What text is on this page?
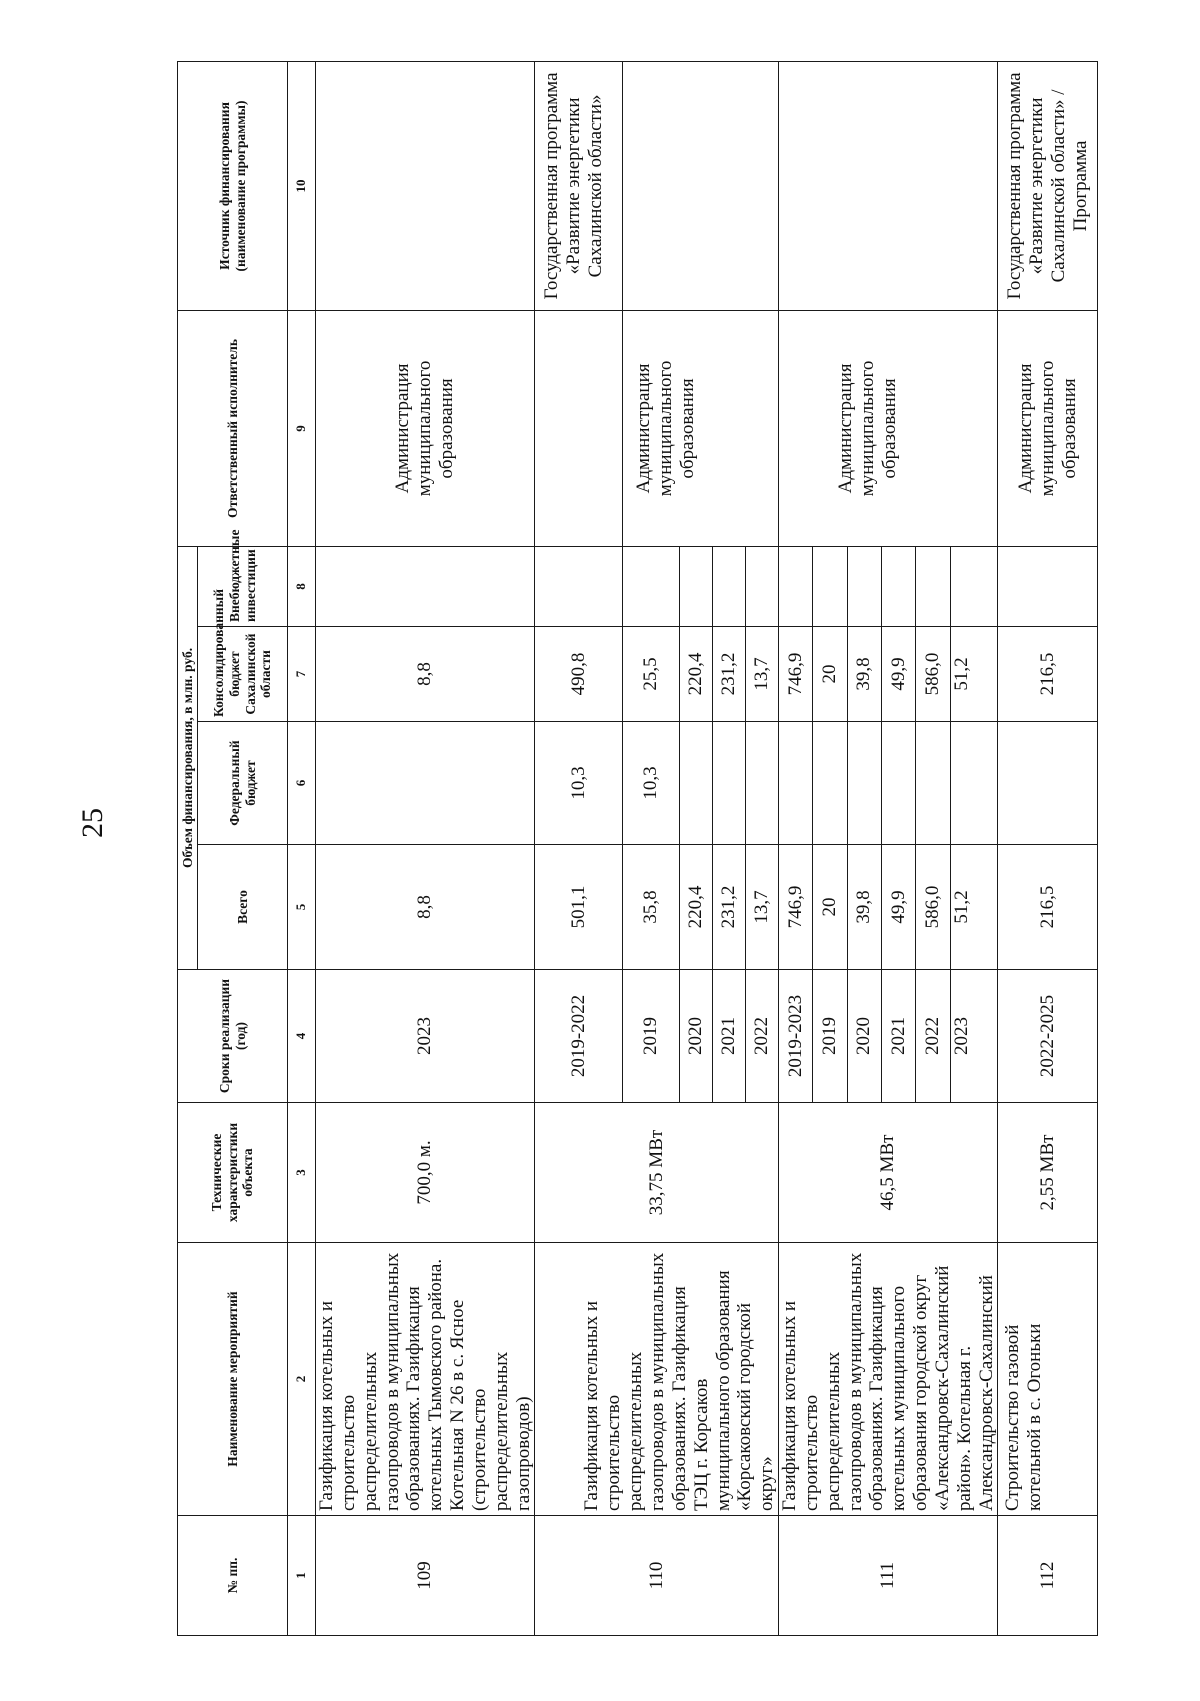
25
№ пп.	Наименование мероприятий	Технические характеристики объекта	Сроки реализации (год)	Объем финансирования, в млн. руб.				Ответственный исполнитель	Источник финансирования (наименование программы)
				Всего	Федеральный бюджет	Консолидированный бюджет Сахалинской области	Внебюджетные инвестиции		
1	2	3	4	5	6	7	8	9	10
109	Газификация котельных и строительство распределительных газопроводов в муниципальных образованиях. Газификация котельных Тымовского района. Котельная N 26 в с. Ясное (строительство распределительных газопроводов)	700,0 м.	2023	8,8		8,8		Администрация муниципального образования	
110	Газификация котельных и строительство распределительных газопроводов в муниципальных образованиях. Газификация ТЭЦ г. Корсаков муниципального образования «Корсаковский городской округ»	33,75 МВт	2019-2022	501,1	10,3	490,8			Государственная программа «Развитие энергетики Сахалинской области»

			2019	35,8	10,3	25,5		Администрация муниципального образования	

			2020	220,4		220,4			
			2021	231,2		231,2			
			2022	13,7		13,7			
111	Газификация котельных и строительство распределительных газопроводов в муниципальных образованиях. Газификация котельных муниципального образования городской округ «Александровск-Сахалинский район». Котельная г. Александровск-Сахалинский	46,5 МВт	2019-2023	746,9		746,9		Администрация муниципального образования	

			2019	20		20			
			2020	39,8		39,8			
			2021	49,9		49,9			
			2022	586,0		586,0			
			2023	51,2		51,2			
112	Строительство газовой котельной в с. Огоньки	2,55 МВт	2022-2025	216,5		216,5		Администрация муниципального образования	Государственная программа «Развитие энергетики Сахалинской области» / Программа
